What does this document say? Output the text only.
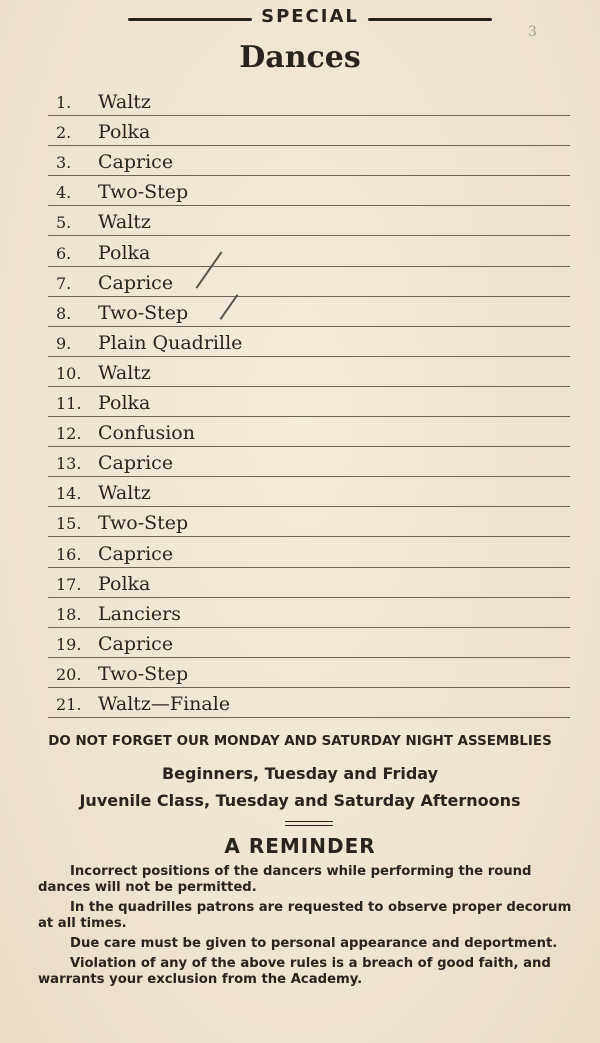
SPECIAL
3
Dances
1.	Waltz
2.	Polka
3.	Caprice
4.	Two-Step
5.	Waltz
6.	Polka
7.	Caprice
8.	Two-Step
9.	Plain Quadrille
10. Waltz
11. Polka
12. Confusion
13. Caprice
14. Waltz
15. Two-Step
16. Caprice
17. Polka
18. Lanciers
19. Caprice
20. Two-Step
21. Waltz—Finale
DO NOT FORGET OUR MONDAY AND SATURDAY NIGHT ASSEMBLIES
Beginners, Tuesday and Friday
Juvenile Class, Tuesday and Saturday Afternoons
A REMINDER

Incorrect positions of the dancers while performing the round dances will not be permitted.

In the quadrilles patrons are requested to observe proper decorum at all times.

Due care must be given to personal appearance and deportment.

Violation of any of the above rules is a breach of good faith, and warrants your exclusion from the Academy.
